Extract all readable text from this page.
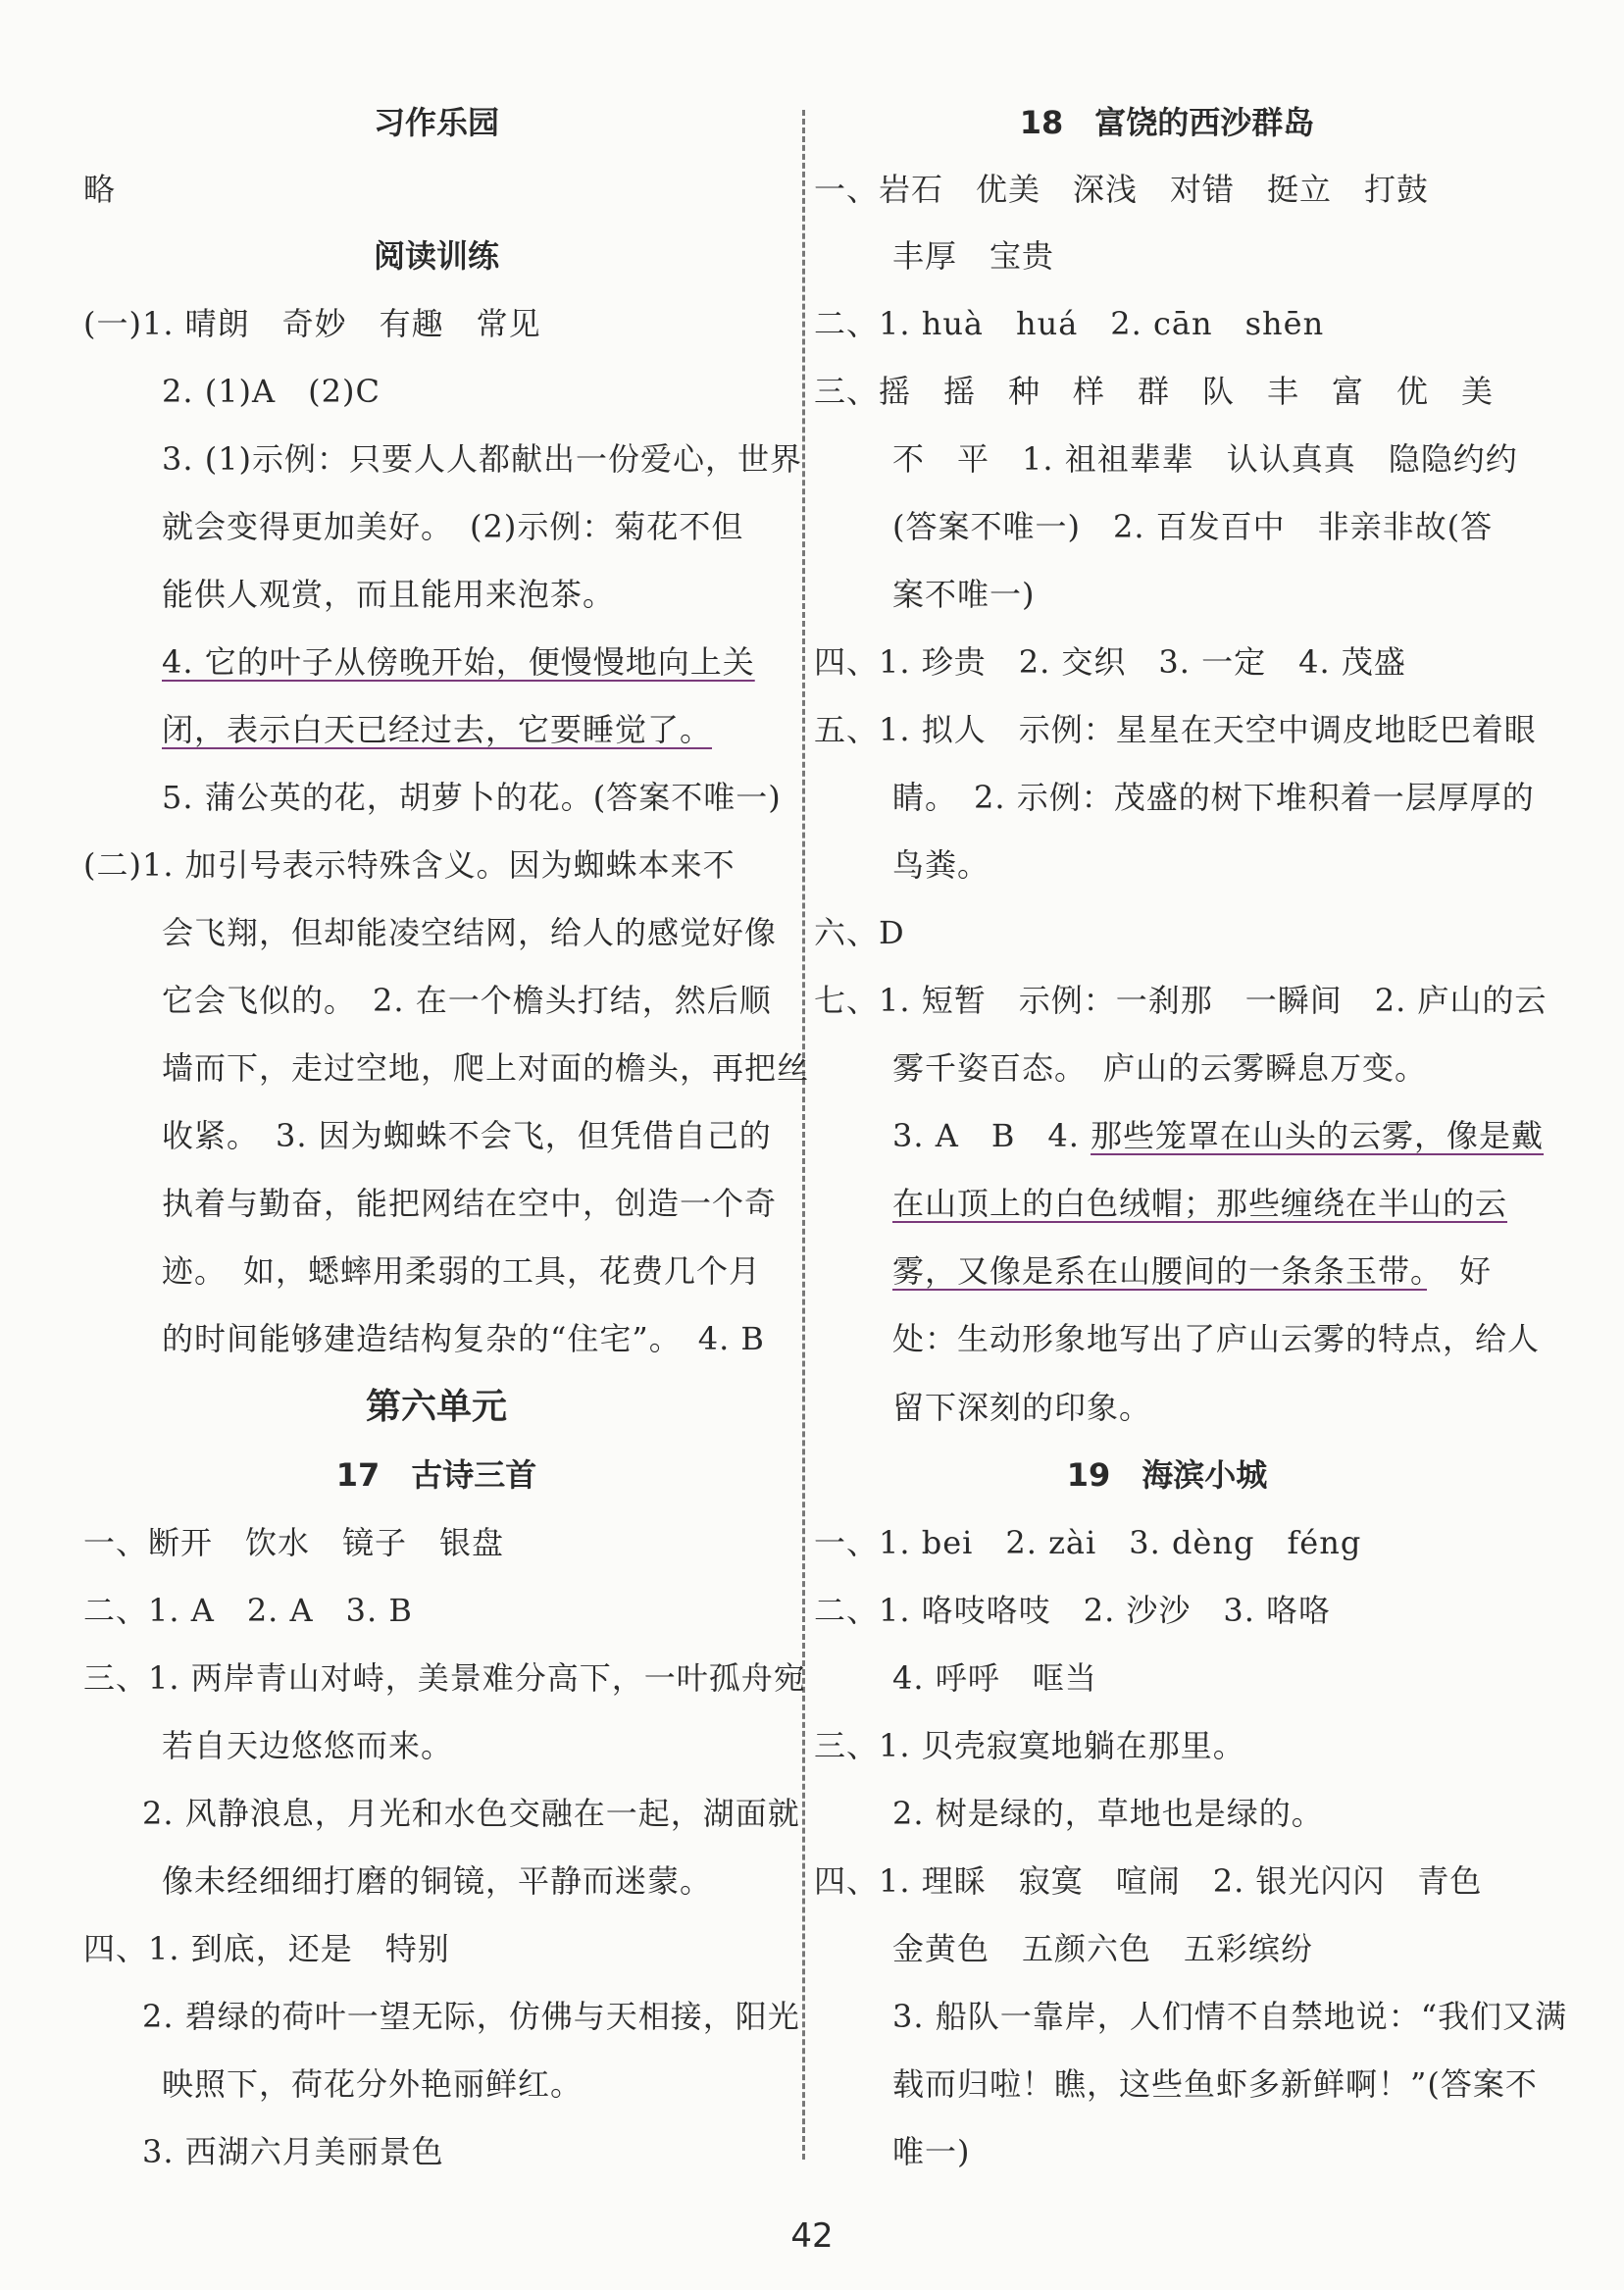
习作乐园
略
阅读训练
(一)1. 晴朗　奇妙　有趣　常见
2. (1)A　(2)C
3. (1)示例：只要人人都献出一份爱心，世界
就会变得更加美好。　(2)示例：菊花不但
能供人观赏，而且能用来泡茶。
4. 它的叶子从傍晚开始，便慢慢地向上关
闭，表示白天已经过去，它要睡觉了。
5. 蒲公英的花，胡萝卜的花。(答案不唯一)
(二)1. 加引号表示特殊含义。因为蜘蛛本来不
会飞翔，但却能凌空结网，给人的感觉好像
它会飞似的。　2. 在一个檐头打结，然后顺
墙而下，走过空地，爬上对面的檐头，再把丝
收紧。　3. 因为蜘蛛不会飞，但凭借自己的
执着与勤奋，能把网结在空中，创造一个奇
迹。　如，蟋蟀用柔弱的工具，花费几个月
的时间能够建造结构复杂的“住宅”。　4. B
第六单元
17　古诗三首
一、断开　饮水　镜子　银盘
二、1. A　2. A　3. B
三、1. 两岸青山对峙，美景难分高下，一叶孤舟宛
若自天边悠悠而来。
2. 风静浪息，月光和水色交融在一起，湖面就
像未经细细打磨的铜镜，平静而迷蒙。
四、1. 到底，还是　特别
2. 碧绿的荷叶一望无际，仿佛与天相接，阳光
映照下，荷花分外艳丽鲜红。
3. 西湖六月美丽景色
18　富饶的西沙群岛
一、岩石　优美　深浅　对错　挺立　打鼓
丰厚　宝贵
二、1. huà　huá　2. cān　shēn
三、摇　摇　种　样　群　队　丰　富　优　美
不　平　1. 祖祖辈辈　认认真真　隐隐约约
(答案不唯一)　2. 百发百中　非亲非故(答
案不唯一)
四、1. 珍贵　2. 交织　3. 一定　4. 茂盛
五、1. 拟人　示例：星星在天空中调皮地眨巴着眼
睛。　2. 示例：茂盛的树下堆积着一层厚厚的
鸟粪。
六、D
七、1. 短暂　示例：一刹那　一瞬间　2. 庐山的云
雾千姿百态。　庐山的云雾瞬息万变。
3. A　B　4. 那些笼罩在山头的云雾，像是戴
在山顶上的白色绒帽；那些缠绕在半山的云
雾，又像是系在山腰间的一条条玉带。　好
处：生动形象地写出了庐山云雾的特点，给人
留下深刻的印象。
19　海滨小城
一、1. bei　2. zài　3. dèng　féng
二、1. 咯吱咯吱　2. 沙沙　3. 咯咯
4. 呼呼　哐当
三、1. 贝壳寂寞地躺在那里。
2. 树是绿的，草地也是绿的。
四、1. 理睬　寂寞　喧闹　2. 银光闪闪　青色
金黄色　五颜六色　五彩缤纷
3. 船队一靠岸，人们情不自禁地说：“我们又满
载而归啦！瞧，这些鱼虾多新鲜啊！”(答案不
唯一)
42
